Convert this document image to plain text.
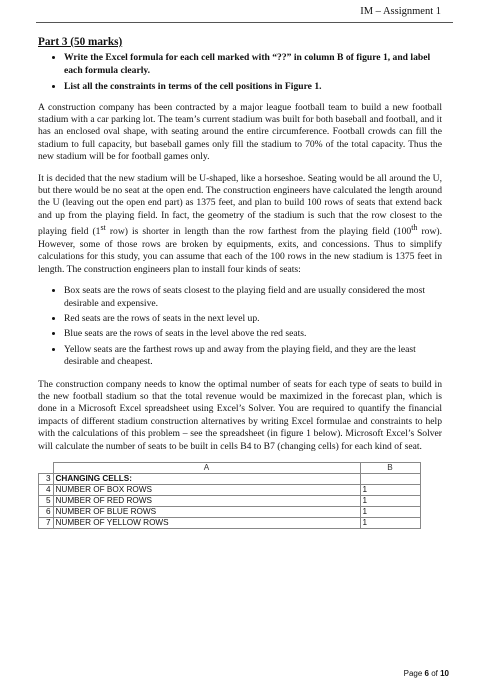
IM – Assignment 1
Part 3 (50 marks)
• Write the Excel formula for each cell marked with “??” in column B of figure 1, and label each formula clearly.
• List all the constraints in terms of the cell positions in Figure 1.

A construction company has been contracted by a major league football team to build a new football stadium with a car parking lot. The team’s current stadium was built for both baseball and football, and it has an enclosed oval shape, with seating around the entire circumference. Football crowds can fill the stadium to full capacity, but baseball games only fill the stadium to 70% of the total capacity. Thus the new stadium will be for football games only.

It is decided that the new stadium will be U-shaped, like a horseshoe. Seating would be all around the U, but there would be no seat at the open end. The construction engineers have calculated the length around the U (leaving out the open end part) as 1375 feet, and plan to build 100 rows of seats that extend back and up from the playing field. In fact, the geometry of the stadium is such that the row closest to the playing field (1st row) is shorter in length than the row farthest from the playing field (100th row). However, some of those rows are broken by equipments, exits, and concessions. Thus to simplify calculations for this study, you can assume that each of the 100 rows in the new stadium is 1375 feet in length. The construction engineers plan to install four kinds of seats:

• Box seats are the rows of seats closest to the playing field and are usually considered the most desirable and expensive.
• Red seats are the rows of seats in the next level up.
• Blue seats are the rows of seats in the level above the red seats.
• Yellow seats are the farthest rows up and away from the playing field, and they are the least desirable and cheapest.

The construction company needs to know the optimal number of seats for each type of seats to build in the new football stadium so that the total revenue would be maximized in the forecast plan, which is done in a Microsoft Excel spreadsheet using Excel’s Solver. You are required to quantify the financial impacts of different stadium construction alternatives by writing Excel formulae and constraints to help with the calculations of this problem – see the spreadsheet (in figure 1 below). Microsoft Excel’s Solver will calculate the number of seats to be built in cells B4 to B7 (changing cells) for each kind of seat.

	A	B
3	CHANGING CELLS:	
4	NUMBER OF BOX ROWS	1
5	NUMBER OF RED ROWS	1
6	NUMBER OF BLUE ROWS	1
7	NUMBER OF YELLOW ROWS	1
Page 6 of 10
